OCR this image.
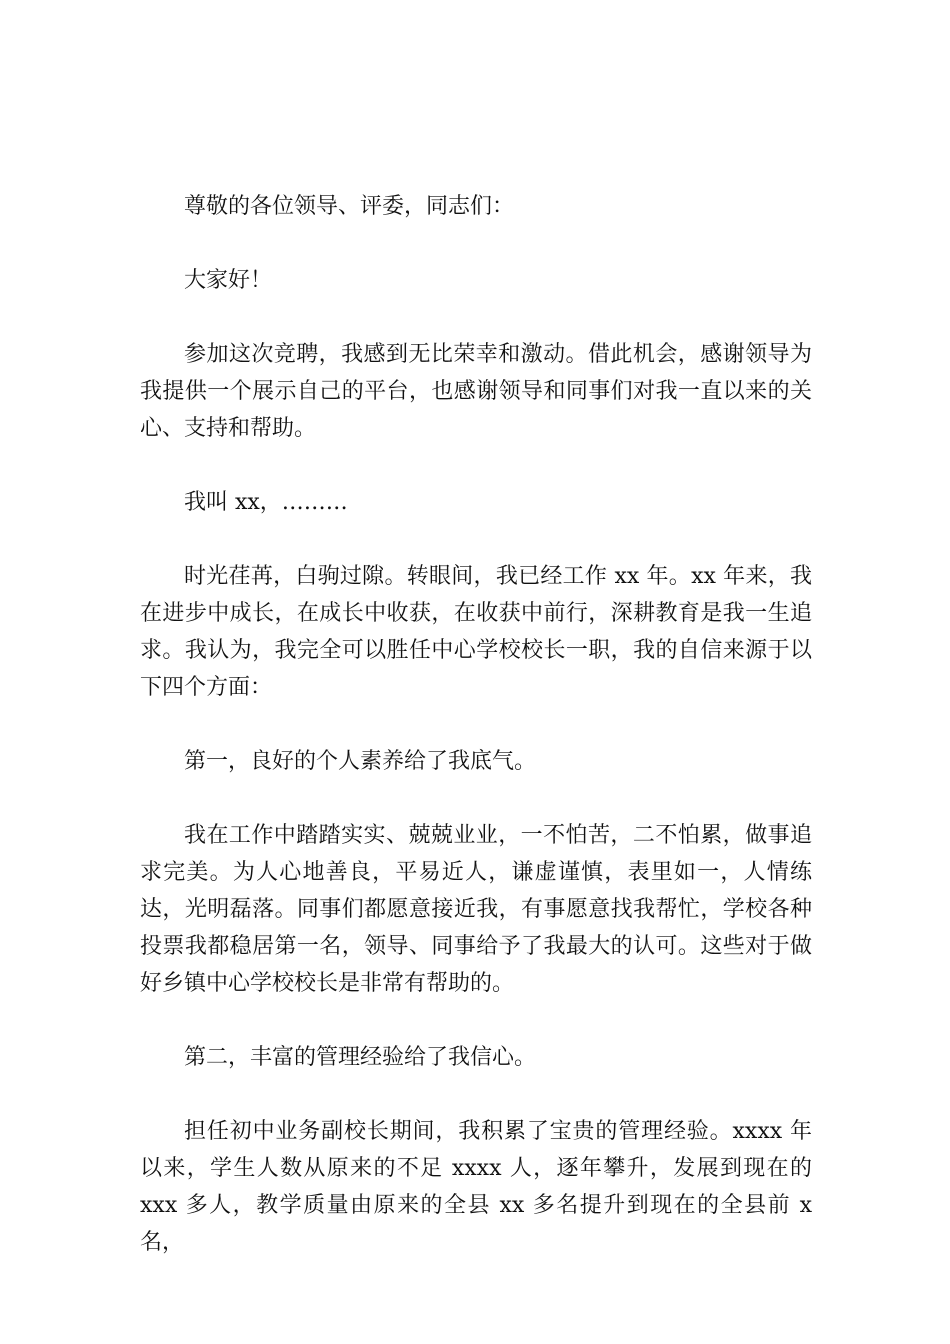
尊敬的各位领导、评委，同志们：

大家好！

参加这次竞聘，我感到无比荣幸和激动。借此机会，感谢领导为我提供一个展示自己的平台，也感谢领导和同事们对我一直以来的关心、支持和帮助。

我叫 xx，………

时光荏苒，白驹过隙。转眼间，我已经工作 xx 年。xx 年来，我在进步中成长，在成长中收获，在收获中前行，深耕教育是我一生追求。我认为，我完全可以胜任中心学校校长一职，我的自信来源于以下四个方面：

第一，良好的个人素养给了我底气。

我在工作中踏踏实实、兢兢业业，一不怕苦，二不怕累，做事追求完美。为人心地善良，平易近人，谦虚谨慎，表里如一，人情练达，光明磊落。同事们都愿意接近我，有事愿意找我帮忙，学校各种投票我都稳居第一名，领导、同事给予了我最大的认可。这些对于做好乡镇中心学校校长是非常有帮助的。

第二，丰富的管理经验给了我信心。

担任初中业务副校长期间，我积累了宝贵的管理经验。xxxx 年以来，学生人数从原来的不足 xxxx 人，逐年攀升，发展到现在的 xxx 多人，教学质量由原来的全县 xx 多名提升到现在的全县前 x 名，
